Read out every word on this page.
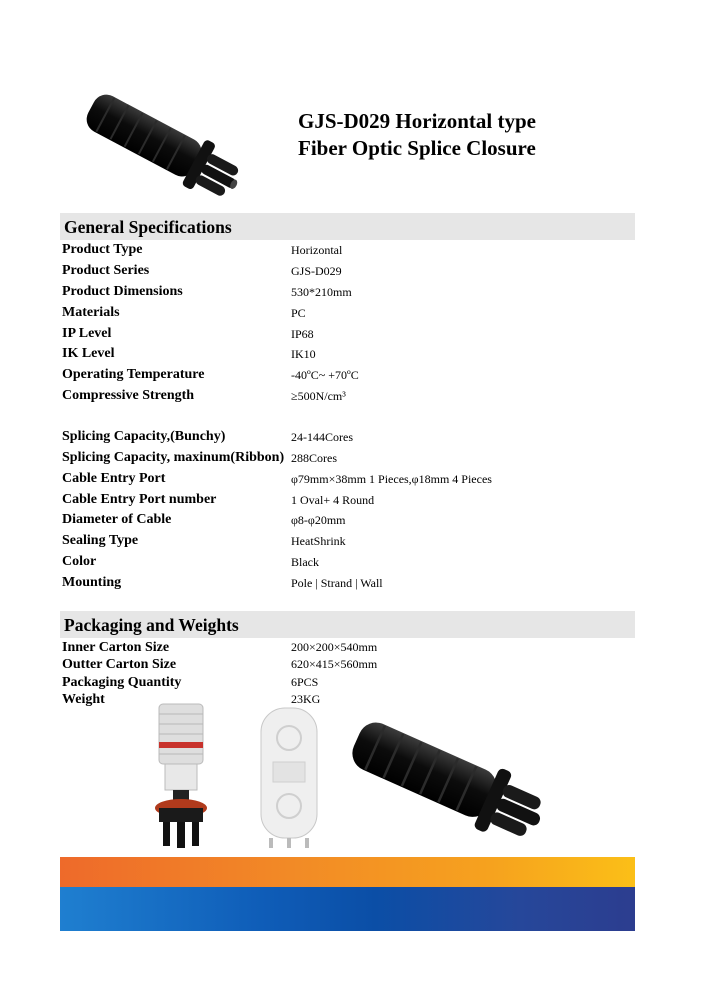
GJS-D029 Horizontal type
Fiber Optic Splice Closure
General Specifications
Product Type	Horizontal
Product Series	GJS-D029
Product Dimensions	530*210mm
Materials	PC
IP Level	IP68
IK Level	IK10
Operating Temperature	-40ºC~ +70ºC
Compressive Strength	≥500N/cm³
Splicing Capacity,(Bunchy)	24-144Cores
Splicing Capacity, maxinum(Ribbon) 288Cores
Cable Entry Port	φ79mm×38mm 1 Pieces,φ18mm 4 Pieces
Cable Entry Port number	1 Oval+ 4 Round
Diameter of Cable	φ8-φ20mm
Sealing Type	HeatShrink
Color	Black
Mounting	Pole | Strand | Wall
Packaging and Weights
Inner Carton Size	200×200×540mm
Outter Carton Size	620×415×560mm
Packaging Quantity	6PCS
Weight	23KG
